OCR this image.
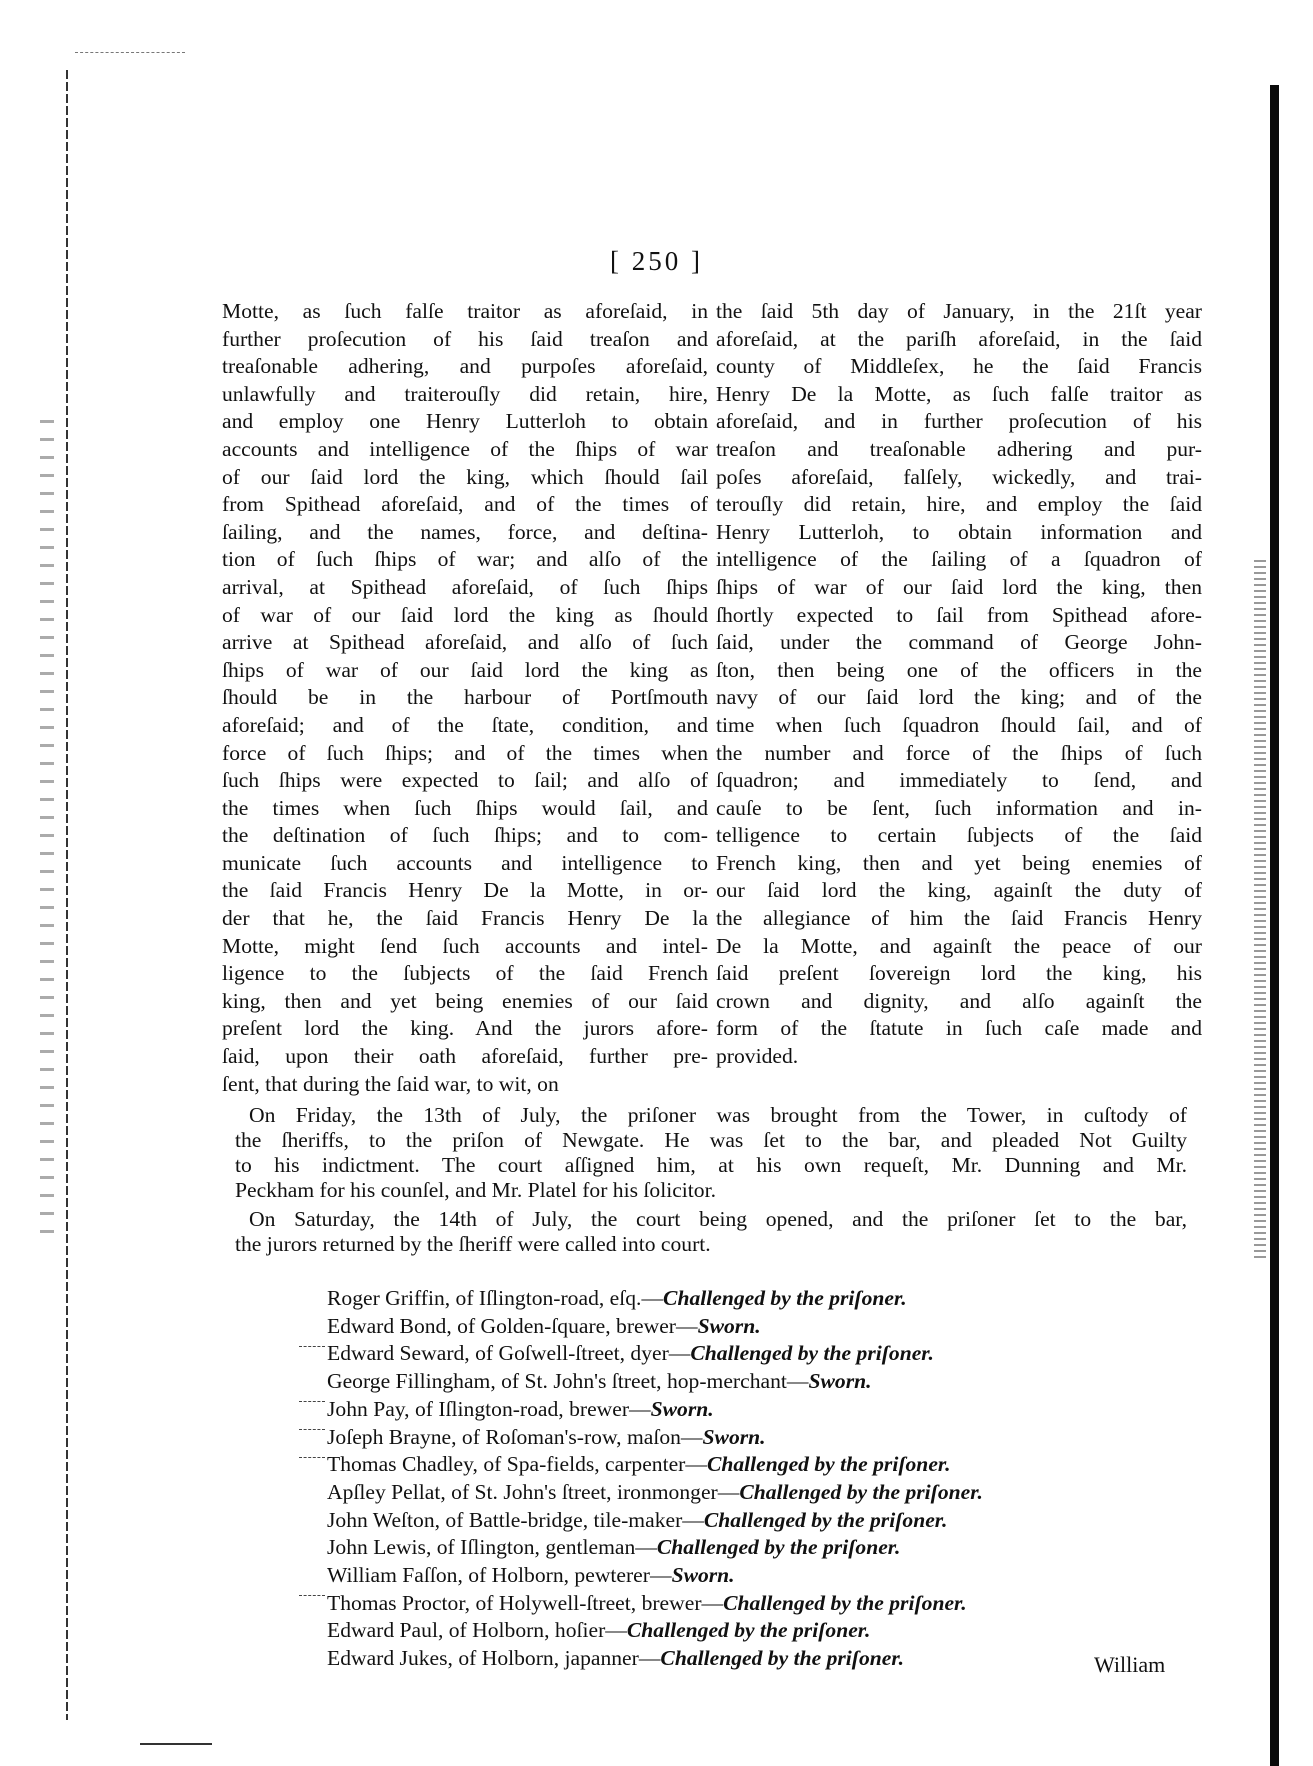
[ 250 ]
Motte, as ſuch falſe traitor as aforeſaid, in
further proſecution of his ſaid treaſon and
treaſonable adhering, and purpoſes aforeſaid,
unlawfully and traiterouſly did retain, hire,
and employ one Henry Lutterloh to obtain
accounts and intelligence of the ſhips of war
of our ſaid lord the king, which ſhould ſail
from Spithead aforeſaid, and of the times of
ſailing, and the names, force, and deſtina-
tion of ſuch ſhips of war; and alſo of the
arrival, at Spithead aforeſaid, of ſuch ſhips
of war of our ſaid lord the king as ſhould
arrive at Spithead aforeſaid, and alſo of ſuch
ſhips of war of our ſaid lord the king as
ſhould be in the harbour of Portſmouth
aforeſaid; and of the ſtate, condition, and
force of ſuch ſhips; and of the times when
ſuch ſhips were expected to ſail; and alſo of
the times when ſuch ſhips would ſail, and
the deſtination of ſuch ſhips; and to com-
municate ſuch accounts and intelligence to
the ſaid Francis Henry De la Motte, in or-
der that he, the ſaid Francis Henry De la
Motte, might ſend ſuch accounts and intel-
ligence to the ſubjects of the ſaid French
king, then and yet being enemies of our ſaid
preſent lord the king. And the jurors afore-
ſaid, upon their oath aforeſaid, further pre-
ſent, that during the ſaid war, to wit, on
the ſaid 5th day of January, in the 21ſt year
aforeſaid, at the pariſh aforeſaid, in the ſaid
county of Middleſex, he the ſaid Francis
Henry De la Motte, as ſuch falſe traitor as
aforeſaid, and in further proſecution of his
treaſon and treaſonable adhering and pur-
poſes aforeſaid, falſely, wickedly, and trai-
terouſly did retain, hire, and employ the ſaid
Henry Lutterloh, to obtain information and
intelligence of the ſailing of a ſquadron of
ſhips of war of our ſaid lord the king, then
ſhortly expected to ſail from Spithead afore-
ſaid, under the command of George John-
ſton, then being one of the officers in the
navy of our ſaid lord the king; and of the
time when ſuch ſquadron ſhould ſail, and of
the number and force of the ſhips of ſuch
ſquadron; and immediately to ſend, and
cauſe to be ſent, ſuch information and in-
telligence to certain ſubjects of the ſaid
French king, then and yet being enemies of
our ſaid lord the king, againſt the duty of
the allegiance of him the ſaid Francis Henry
De la Motte, and againſt the peace of our
ſaid preſent ſovereign lord the king, his
crown and dignity, and alſo againſt the
form of the ſtatute in ſuch caſe made and
provided.
On Friday, the 13th of July, the priſoner was brought from the Tower, in cuſtody of
the ſheriffs, to the priſon of Newgate. He was ſet to the bar, and pleaded Not Guilty
to his indictment. The court aſſigned him, at his own requeſt, Mr. Dunning and Mr.
Peckham for his counſel, and Mr. Platel for his ſolicitor.
On Saturday, the 14th of July, the court being opened, and the priſoner ſet to the bar,
the jurors returned by the ſheriff were called into court.
Roger Griffin, of Iſlington-road, eſq.—Challenged by the priſoner.
Edward Bond, of Golden-ſquare, brewer—Sworn.
Edward Seward, of Goſwell-ſtreet, dyer—Challenged by the priſoner.
George Fillingham, of St. John's ſtreet, hop-merchant—Sworn.
John Pay, of Iſlington-road, brewer—Sworn.
Joſeph Brayne, of Roſoman's-row, maſon—Sworn.
Thomas Chadley, of Spa-fields, carpenter—Challenged by the priſoner.
Apſley Pellat, of St. John's ſtreet, ironmonger—Challenged by the priſoner.
John Weſton, of Battle-bridge, tile-maker—Challenged by the priſoner.
John Lewis, of Iſlington, gentleman—Challenged by the priſoner.
William Faſſon, of Holborn, pewterer—Sworn.
Thomas Proctor, of Holywell-ſtreet, brewer—Challenged by the priſoner.
Edward Paul, of Holborn, hoſier—Challenged by the priſoner.
Edward Jukes, of Holborn, japanner—Challenged by the priſoner.	William
